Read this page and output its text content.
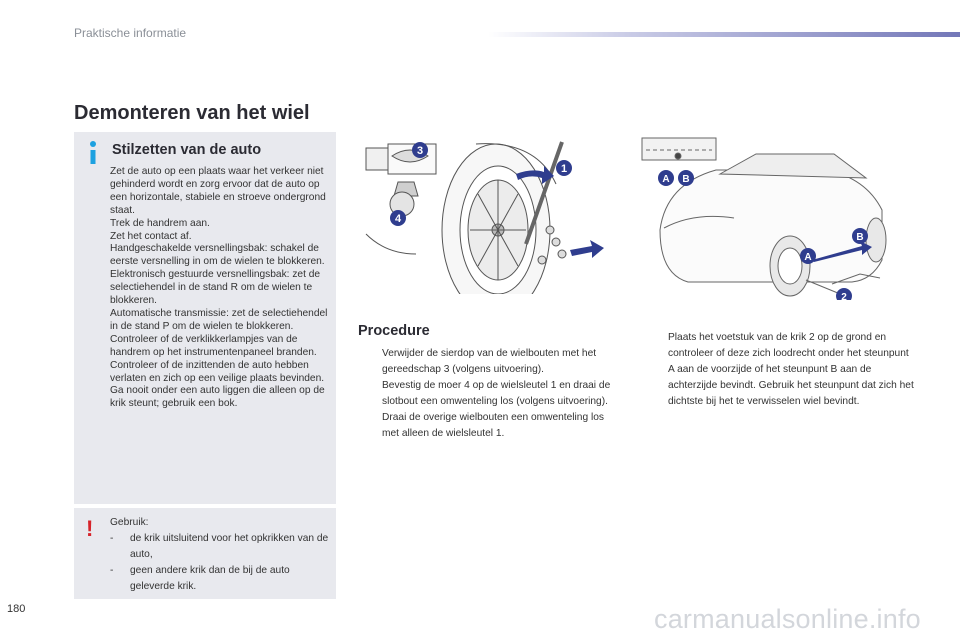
Praktische informatie
Demonteren van het wiel
Stilzetten van de auto

Zet de auto op een plaats waar het verkeer niet gehinderd wordt en zorg ervoor dat de auto op een horizontale, stabiele en stroeve ondergrond staat.

Trek de handrem aan.

Zet het contact af.

Handgeschakelde versnellingsbak: schakel de eerste versnelling in om de wielen te blokkeren.

Elektronisch gestuurde versnellingsbak: zet de selectiehendel in de stand R om de wielen te blokkeren.

Automatische transmissie: zet de selectiehendel in de stand P om de wielen te blokkeren.

Controleer of de verklikkerlampjes van de handrem op het instrumentenpaneel branden.

Controleer of de inzittenden de auto hebben verlaten en zich op een veilige plaats bevinden.

Ga nooit onder een auto liggen die alleen op de krik steunt; gebruik een bok.

! Gebruik:

-	de krik uitsluitend voor het opkrikken van de auto,
-	geen andere krik dan de bij de auto geleverde krik.
3
1
4
A B
A
B
2
Procedure
Verwijder de sierdop van de wielbouten met het gereedschap 3 (volgens uitvoering).
Bevestig de moer 4 op de wielsleutel 1 en draai de slotbout een omwenteling los (volgens uitvoering).
Draai de overige wielbouten een omwenteling los met alleen de wielsleutel 1.
Plaats het voetstuk van de krik 2 op de grond en controleer of deze zich loodrecht onder het steunpunt A aan de voorzijde of het steunpunt B aan de achterzijde bevindt. Gebruik het steunpunt dat zich het dichtste bij het te verwisselen wiel bevindt.
180	carmanualsonline.info
